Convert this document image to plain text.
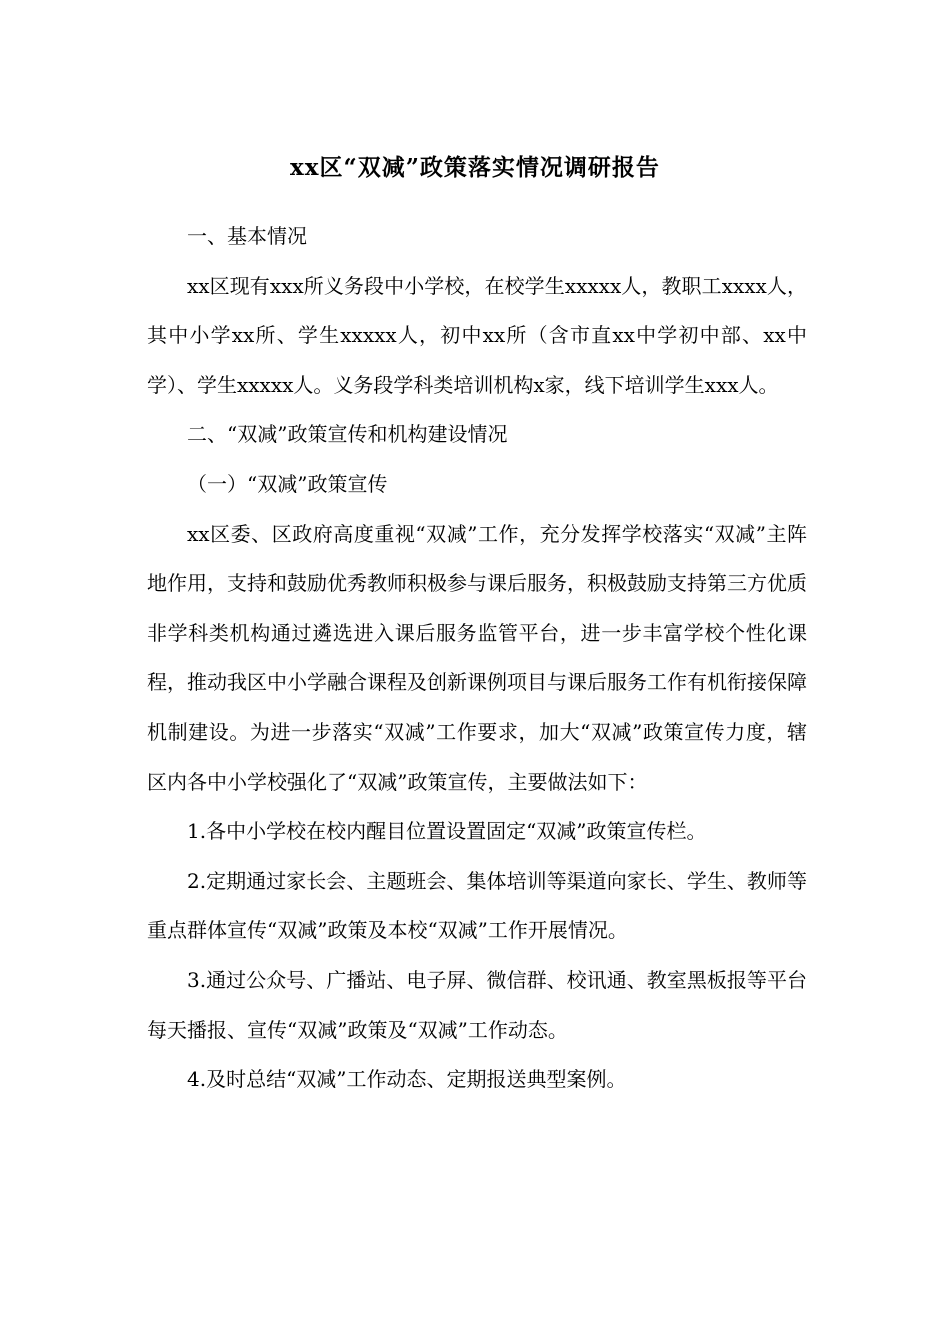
xx区“双减”政策落实情况调研报告

一、基本情况

xx区现有xxx所义务段中小学校，在校学生xxxxx人，教职工xxxx人，其中小学xx所、学生xxxxx人，初中xx所（含市直xx中学初中部、xx中学）、学生xxxxx人。义务段学科类培训机构x家，线下培训学生xxx人。

二、“双减”政策宣传和机构建设情况

（一）“双减”政策宣传

xx区委、区政府高度重视“双减”工作，充分发挥学校落实“双减”主阵地作用，支持和鼓励优秀教师积极参与课后服务，积极鼓励支持第三方优质非学科类机构通过遴选进入课后服务监管平台，进一步丰富学校个性化课程，推动我区中小学融合课程及创新课例项目与课后服务工作有机衔接保障机制建设。为进一步落实“双减”工作要求，加大“双减”政策宣传力度，辖区内各中小学校强化了“双减”政策宣传，主要做法如下：

1.各中小学校在校内醒目位置设置固定“双减”政策宣传栏。

2.定期通过家长会、主题班会、集体培训等渠道向家长、学生、教师等重点群体宣传“双减”政策及本校“双减”工作开展情况。

3.通过公众号、广播站、电子屏、微信群、校讯通、教室黑板报等平台每天播报、宣传“双减”政策及“双减”工作动态。

4.及时总结“双减”工作动态、定期报送典型案例。
